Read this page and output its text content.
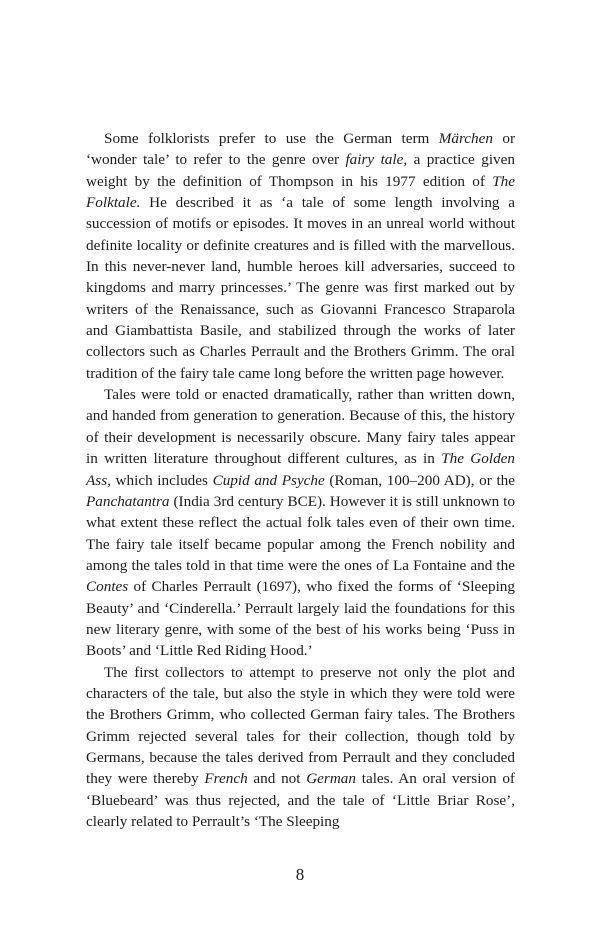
Some folklorists prefer to use the German term Märchen or ‘wonder tale’ to refer to the genre over fairy tale, a practice given weight by the definition of Thompson in his 1977 edition of The Folktale. He described it as ‘a tale of some length involving a succession of motifs or episodes. It moves in an unreal world without definite locality or definite creatures and is filled with the marvellous. In this never-never land, humble heroes kill adversaries, succeed to kingdoms and marry princesses.’ The genre was first marked out by writers of the Renaissance, such as Giovanni Francesco Straparola and Giambattista Basile, and stabilized through the works of later collectors such as Charles Perrault and the Brothers Grimm. The oral tradition of the fairy tale came long before the written page however.

Tales were told or enacted dramatically, rather than written down, and handed from generation to generation. Because of this, the history of their development is necessarily obscure. Many fairy tales appear in written literature throughout different cultures, as in The Golden Ass, which includes Cupid and Psyche (Roman, 100–200 AD), or the Panchatantra (India 3rd century BCE). However it is still unknown to what extent these reflect the actual folk tales even of their own time. The fairy tale itself became popular among the French nobility and among the tales told in that time were the ones of La Fontaine and the Contes of Charles Perrault (1697), who fixed the forms of ‘Sleeping Beauty’ and ‘Cinderella.’ Perrault largely laid the foundations for this new literary genre, with some of the best of his works being ‘Puss in Boots’ and ‘Little Red Riding Hood.’

The first collectors to attempt to preserve not only the plot and characters of the tale, but also the style in which they were told were the Brothers Grimm, who collected German fairy tales. The Brothers Grimm rejected several tales for their collection, though told by Germans, because the tales derived from Perrault and they concluded they were thereby French and not German tales. An oral version of ‘Bluebeard’ was thus rejected, and the tale of ‘Little Briar Rose’, clearly related to Perrault’s ‘The Sleeping

8
